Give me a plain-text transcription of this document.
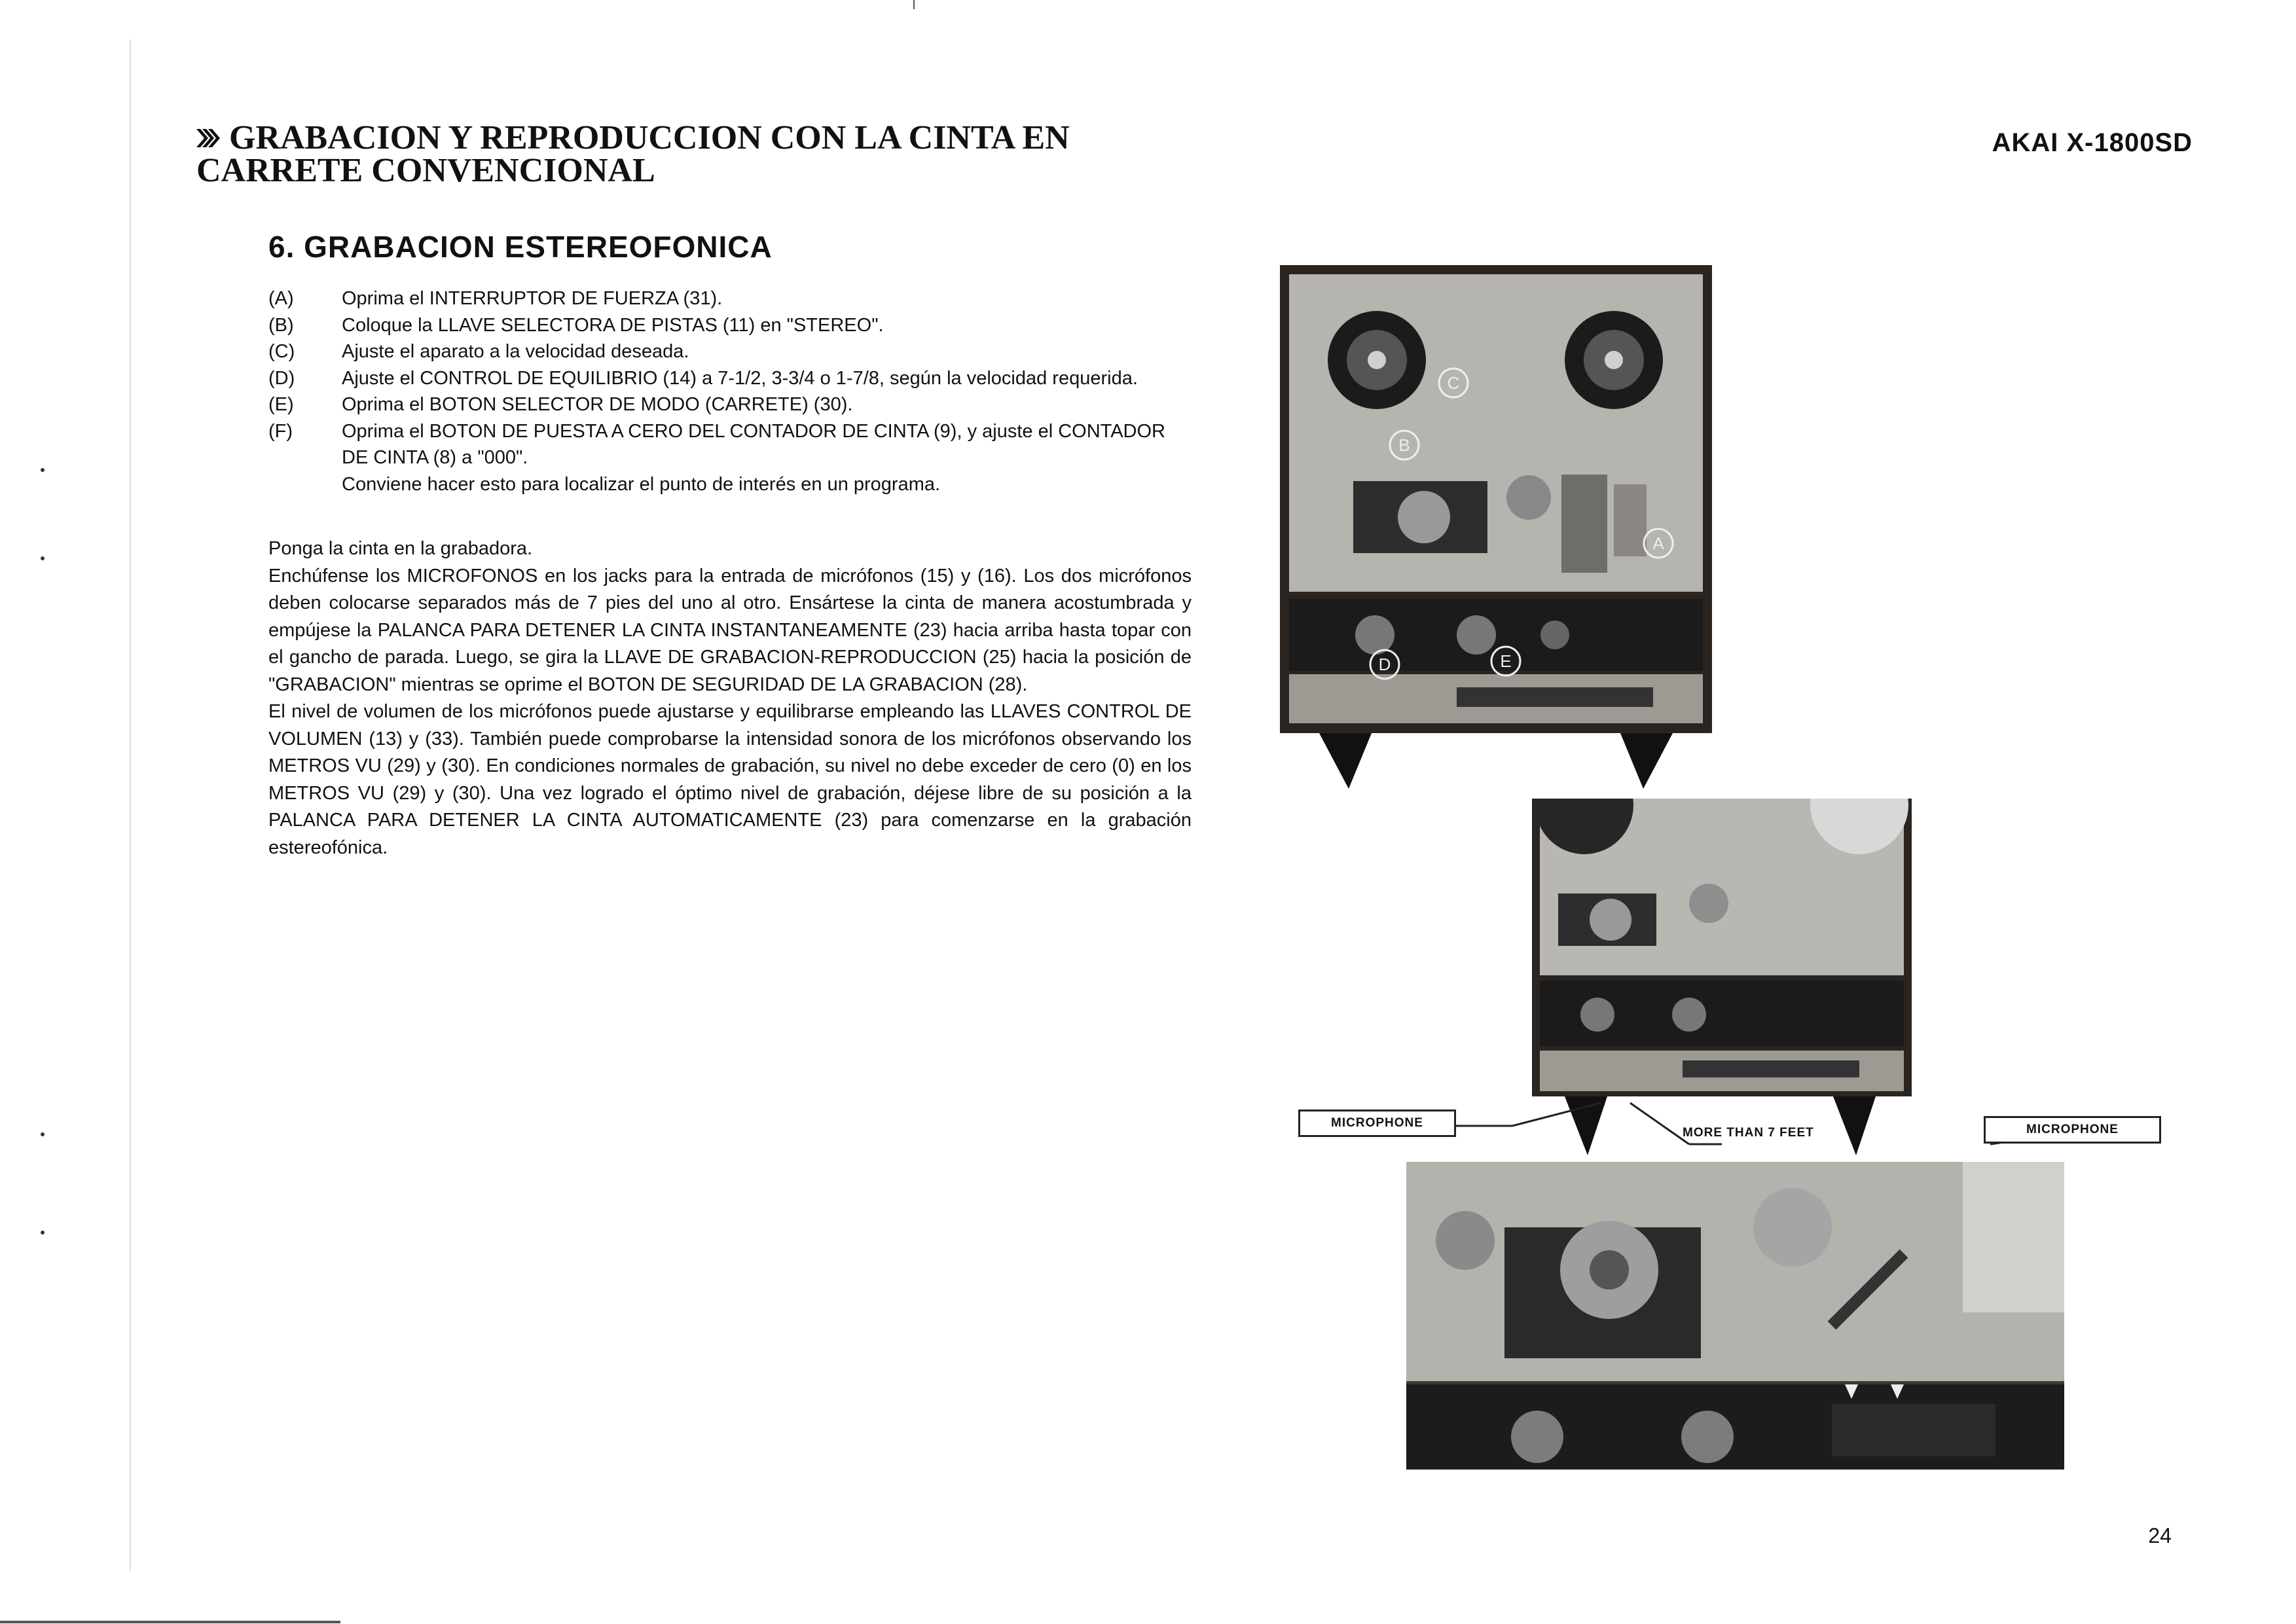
GRABACION Y REPRODUCCION CON LA CINTA EN
CARRETE CONVENCIONAL
AKAI X-1800SD
6. GRABACION ESTEREOFONICA
(A)	Oprima el INTERRUPTOR DE FUERZA (31).
(B)	Coloque la LLAVE SELECTORA DE PISTAS (11) en "STEREO".
(C) Ajuste el aparato a la velocidad deseada.
(D) Ajuste el CONTROL DE EQUILIBRIO (14) a 7-1/2, 3-3/4 o 1-7/8, según la velocidad requerida.
(E)	Oprima el BOTON SELECTOR DE MODO (CARRETE) (30).
(F)	Oprima el BOTON DE PUESTA A CERO DEL CONTADOR DE CINTA (9), y ajuste el CONTADOR DE CINTA (8) a "000".
Conviene hacer esto para localizar el punto de interés en un programa.

Ponga la cinta en la grabadora.

Enchúfense los MICROFONOS en los jacks para la entrada de micrófonos (15) y (16). Los dos micrófonos deben colocarse separados más de 7 pies del uno al otro. Ensártese la cinta de manera acostumbrada y empújese la PALANCA PARA DETENER LA CINTA INSTANTANEAMENTE (23) hacia arriba hasta topar con el gancho de parada. Luego, se gira la LLAVE DE GRABACION-REPRODUCCION (25) hacia la posición de "GRABACION" mientras se oprime el BOTON DE SEGURIDAD DE LA GRABACION (28).

El nivel de volumen de los micrófonos puede ajustarse y equilibrarse empleando las LLAVES CONTROL DE VOLUMEN (13) y (33). También puede comprobarse la intensidad sonora de los micrófonos observando los METROS VU (29) y (30). En condiciones normales de grabación, su nivel no debe exceder de cero (0) en los METROS VU (29) y (30). Una vez logrado el óptimo nivel de grabación, déjese libre de su posición a la PALANCA PARA DETENER LA CINTA AUTOMATICAMENTE (23) para comenzarse en la grabación estereofónica.

A
B
C
D	E
MICROPHONE	MICROPHONE
MORE THAN 7 FEET
24
